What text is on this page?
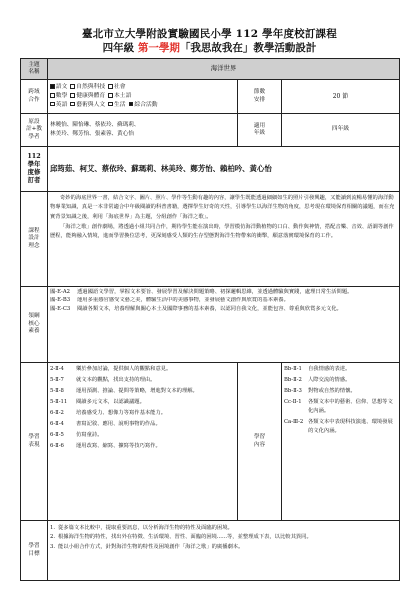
臺北市立大學附設實驗國民小學 112 學年度校訂課程
四年級 第一學期「我思故我在」教學活動設計
主題
名稱	海洋世界
跨域
合作	
語文 自然與科技 社會
數學 健康與體育 本土語
英語 藝術與人文 生活 綜合活動
	節數
安排	20 節
原設
計+教
學者	林曉怡、陳怡琳、蔡依玲、蘇瑪莉、
林美玲、鄭芳怡、張素蓉、黃心怡	適用
年級	四年級
112
學年
度修
訂者	邱筠茹、柯艾、蔡依玲、蘇瑪莉、林美玲、鄭芳怡、賴柏吟、黃心怡
課程
設計
理念	
奇妙的海底世界一書，結合文字、圖片、照片、學作等生動有趣的內容，讓學生既能透過細細如生的照片引發興趣，又能讀到流暢易懂的海洋動物專業知識，真是一本非常適合中年級閱讀的科普書籍，選擇學生好奇的天性，引導學生以海洋生物的角度，思考現在環境保育相關的議題，而在充實背景知識之後，利用「海底世界」為主題，分組創作「海洋之歌」。
「海洋之歌」創作劇場，將透過小組共同合作，期待學生能在演出時，學習模仿海洋動植物的口白、動作與神情，搭配音樂、音效、語調等創作歷程，能夠融入情境，進而學習換位思考，更深刻感受人類的生存型態對海洋生物帶來的衝擊，願意落實環境保育的工作。

領綱
核心
素養	
國-E-A2	透過國語文學習，掌握文本要旨、發展學習及解決問題策略、初探邏輯思維，並透過體驗與實踐，處理日常生活問題。
國-E-B3	運用多重感官感受文藝之美，體驗生活中的美感事物，並發展藝文創作與欣賞的基本素養。
國-E-C3	閱讀各類文本，培養理解與關心本土及國際事務的基本素養，以認同自我文化，並能包容、尊重與欣賞多元文化。

學習
表現	
2-Ⅱ-4	樂於參加討論，提供個人的觀點和意見。
5-Ⅱ-7	就文本的觀點，找出支持的理由。
5-Ⅱ-8	運用預測、推論、提問等策略，增進對文本的理解。
5-Ⅱ-11	閱讀多元文本，以認識議題。
6-Ⅱ-2	培養感受力、想像力等寫作基本能力。
6-Ⅱ-4	書寫記敘、應用、說明事物的作品。
6-Ⅱ-5	仿寫童詩。
6-Ⅱ-6	運用改寫、縮寫、擴寫等技巧寫作。
	學習
內容	
Bb-Ⅱ-1	自我情感的表達。
Bb-Ⅱ-2	人際交流的情感。
Bb-Ⅱ-3	對物或自然的情懷。
Cc-Ⅱ-1	各類文本中的藝術、信仰、思想等文化內涵。
Ca-Ⅲ-2	各類文本中表現科技演進、環境發展的文化內涵。

學習
目標	
1.	從多篇文本比較中，提取重要訊息，以分析海洋生物的特性及面臨的困境。
2.	根據海洋生物的特性，找出外在特徵、生活環境、習性、面臨的困境......等，並整理成下表，以比較其異同。
3.	能以小組合作方式，針對海洋生物的特性及困境創作「海洋之歌」的廣播劇本。
